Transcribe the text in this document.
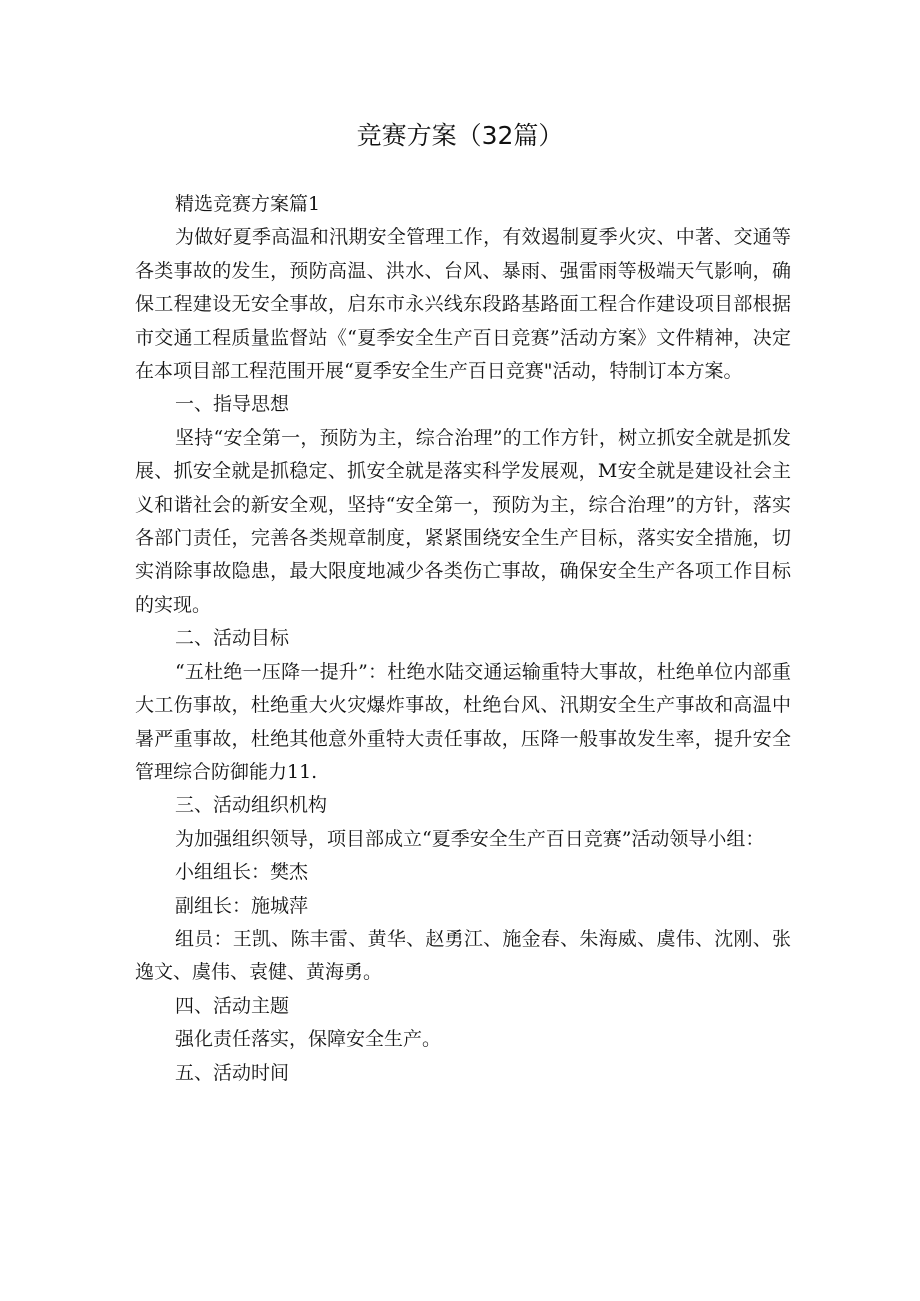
竞赛方案（32篇）

精选竞赛方案篇1

为做好夏季高温和汛期安全管理工作，有效遏制夏季火灾、中著、交通等各类事故的发生，预防高温、洪水、台风、暴雨、强雷雨等极端天气影响，确保工程建设无安全事故，启东市永兴线东段路基路面工程合作建设项目部根据市交通工程质量监督站《“夏季安全生产百日竞赛”活动方案》文件精神，决定在本项目部工程范围开展“夏季安全生产百日竞赛"活动，特制订本方案。

一、指导思想

坚持“安全第一，预防为主，综合治理”的工作方针，树立抓安全就是抓发展、抓安全就是抓稳定、抓安全就是落实科学发展观，M安全就是建设社会主义和谐社会的新安全观，坚持“安全第一，预防为主，综合治理”的方针，落实各部门责任，完善各类规章制度，紧紧围绕安全生产目标，落实安全措施，切实消除事故隐患，最大限度地减少各类伤亡事故，确保安全生产各项工作目标的实现。

二、活动目标

“五杜绝一压降一提升”：杜绝水陆交通运输重特大事故，杜绝单位内部重大工伤事故，杜绝重大火灾爆炸事故，杜绝台风、汛期安全生产事故和高温中暑严重事故，杜绝其他意外重特大责任事故，压降一般事故发生率，提升安全管理综合防御能力11.

三、活动组织机构

为加强组织领导，项目部成立“夏季安全生产百日竞赛”活动领导小组：

小组组长：樊杰

副组长：施城萍

组员：王凯、陈丰雷、黄华、赵勇江、施金春、朱海威、虞伟、沈刚、张逸文、虞伟、袁健、黄海勇。

四、活动主题

强化责任落实，保障安全生产。

五、活动时间
